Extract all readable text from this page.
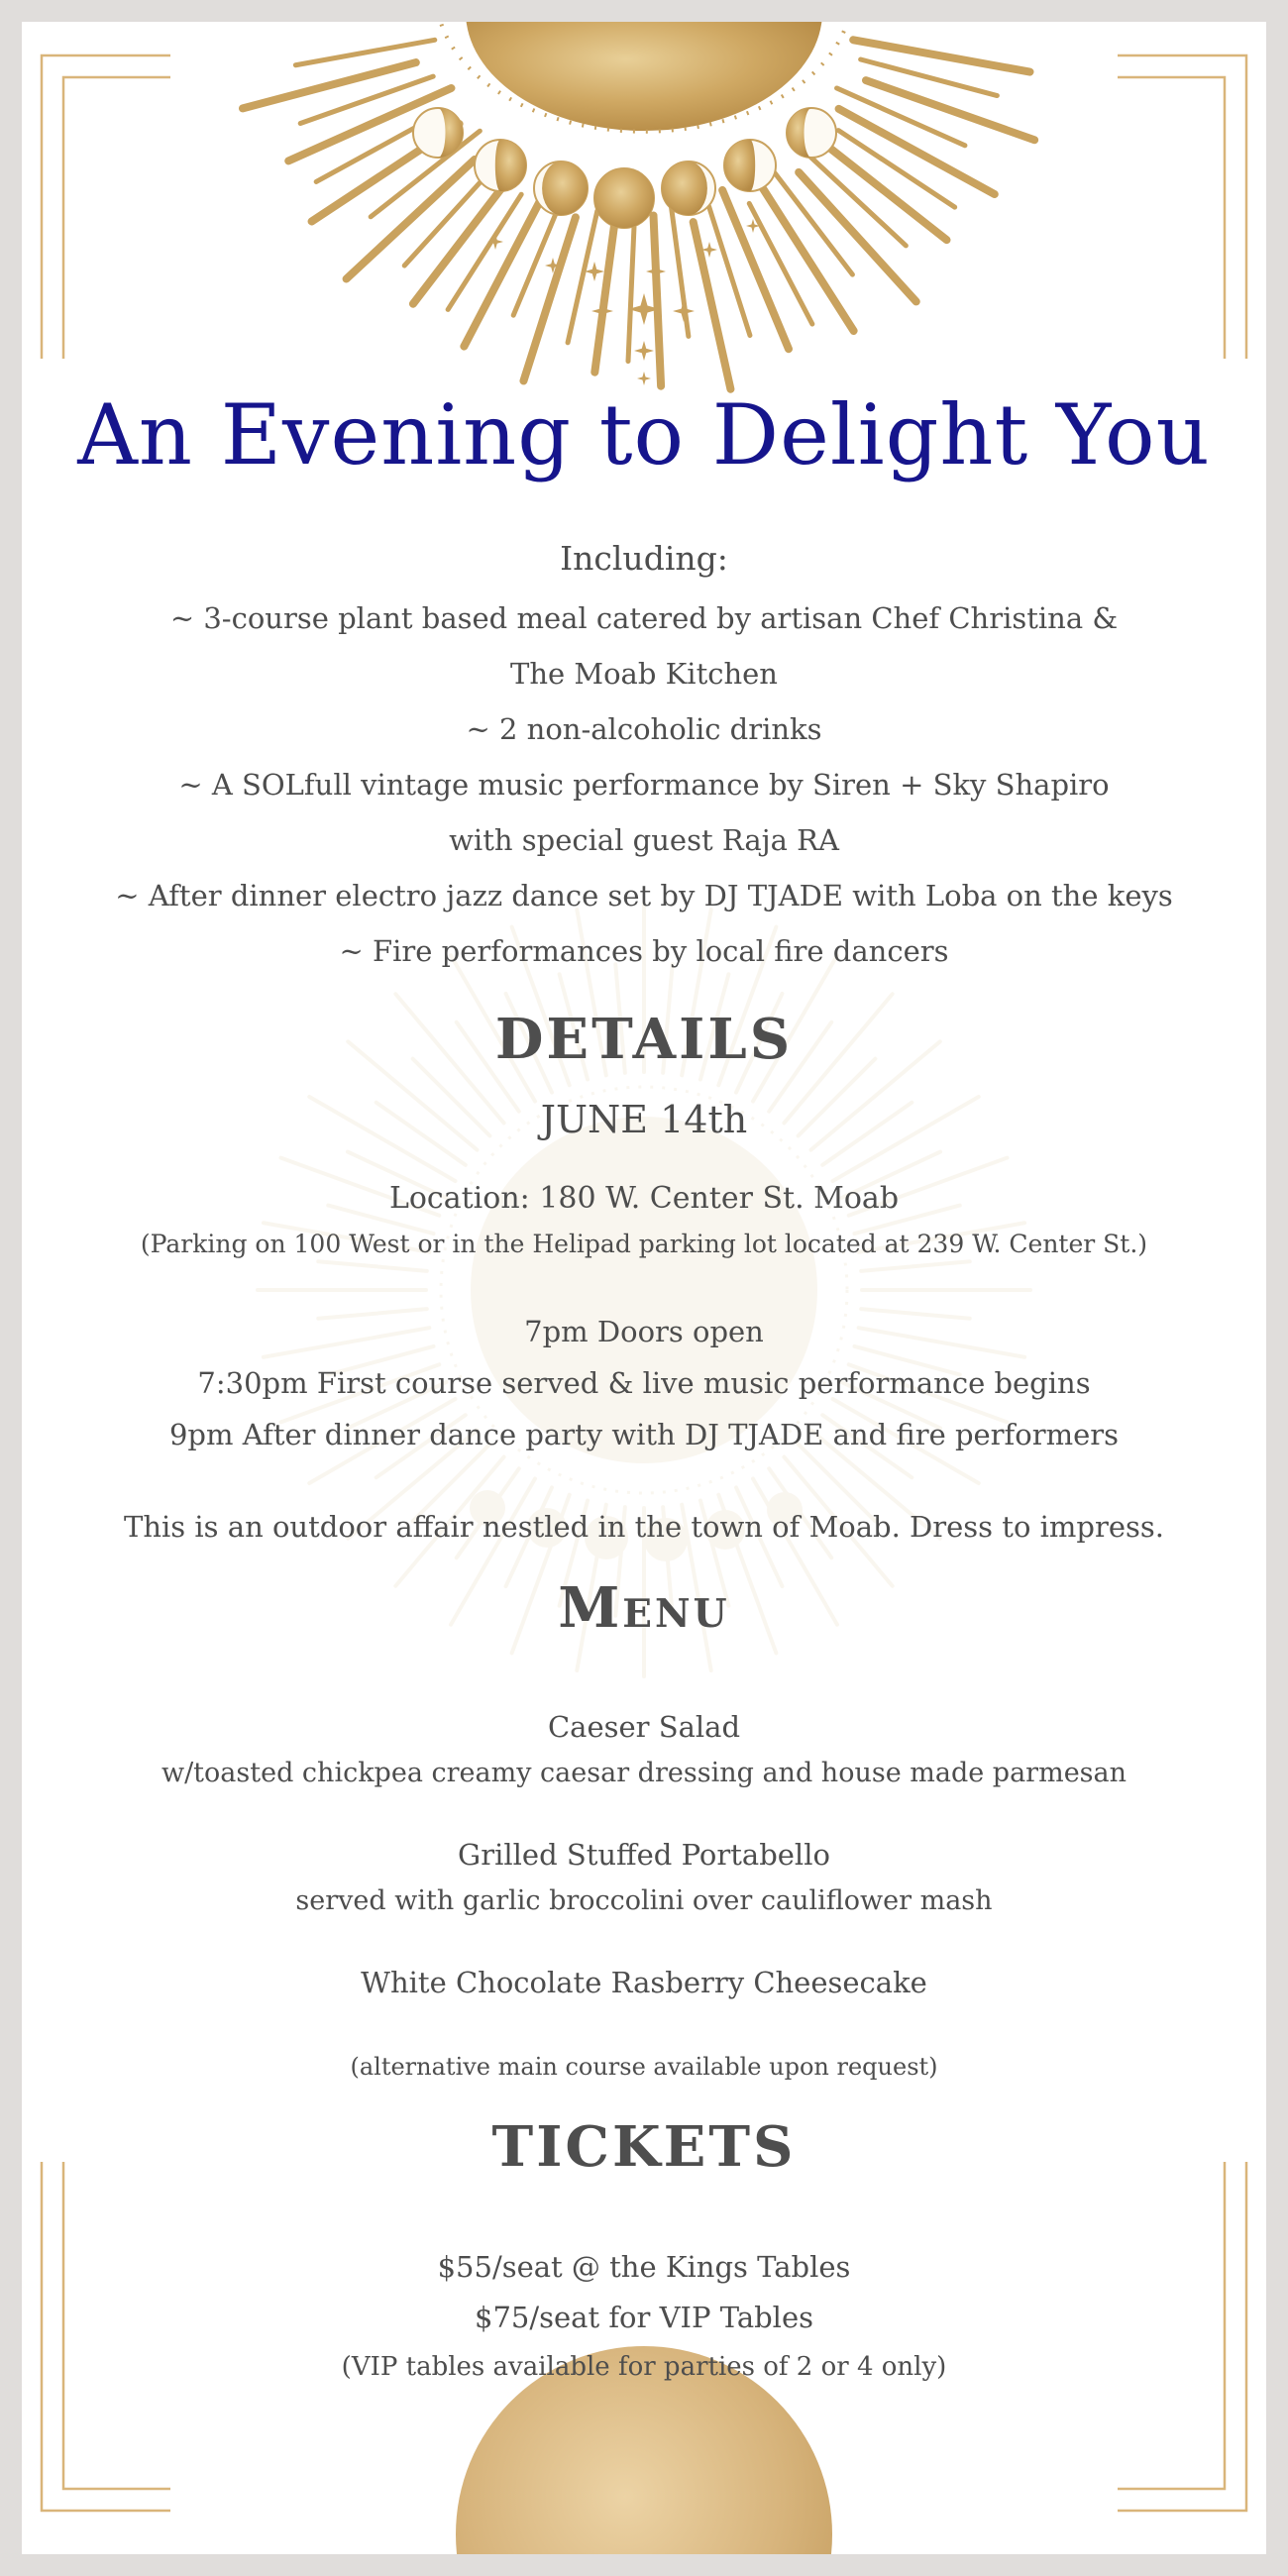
An Evening to Delight You
Including:
~ 3-course plant based meal catered by artisan Chef Christina &
The Moab Kitchen
~ 2 non-alcoholic drinks
~ A SOLfull vintage music performance by Siren + Sky Shapiro
with special guest Raja RA
~ After dinner electro jazz dance set by DJ TJADE with Loba on the keys
~ Fire performances by local fire dancers
DETAILS
JUNE 14th
Location: 180 W. Center St. Moab
(Parking on 100 West or in the Helipad parking lot located at 239 W. Center St.)
7pm Doors open
7:30pm First course served & live music performance begins
9pm After dinner dance party with DJ TJADE and fire performers
This is an outdoor affair nestled in the town of Moab. Dress to impress.
Menu
Caeser Salad
w/toasted chickpea creamy caesar dressing and house made parmesan
Grilled Stuffed Portabello
served with garlic broccolini over cauliflower mash
White Chocolate Rasberry Cheesecake
(alternative main course available upon request)
TICKETS
$55/seat @ the Kings Tables
$75/seat for VIP Tables
(VIP tables available for parties of 2 or 4 only)
